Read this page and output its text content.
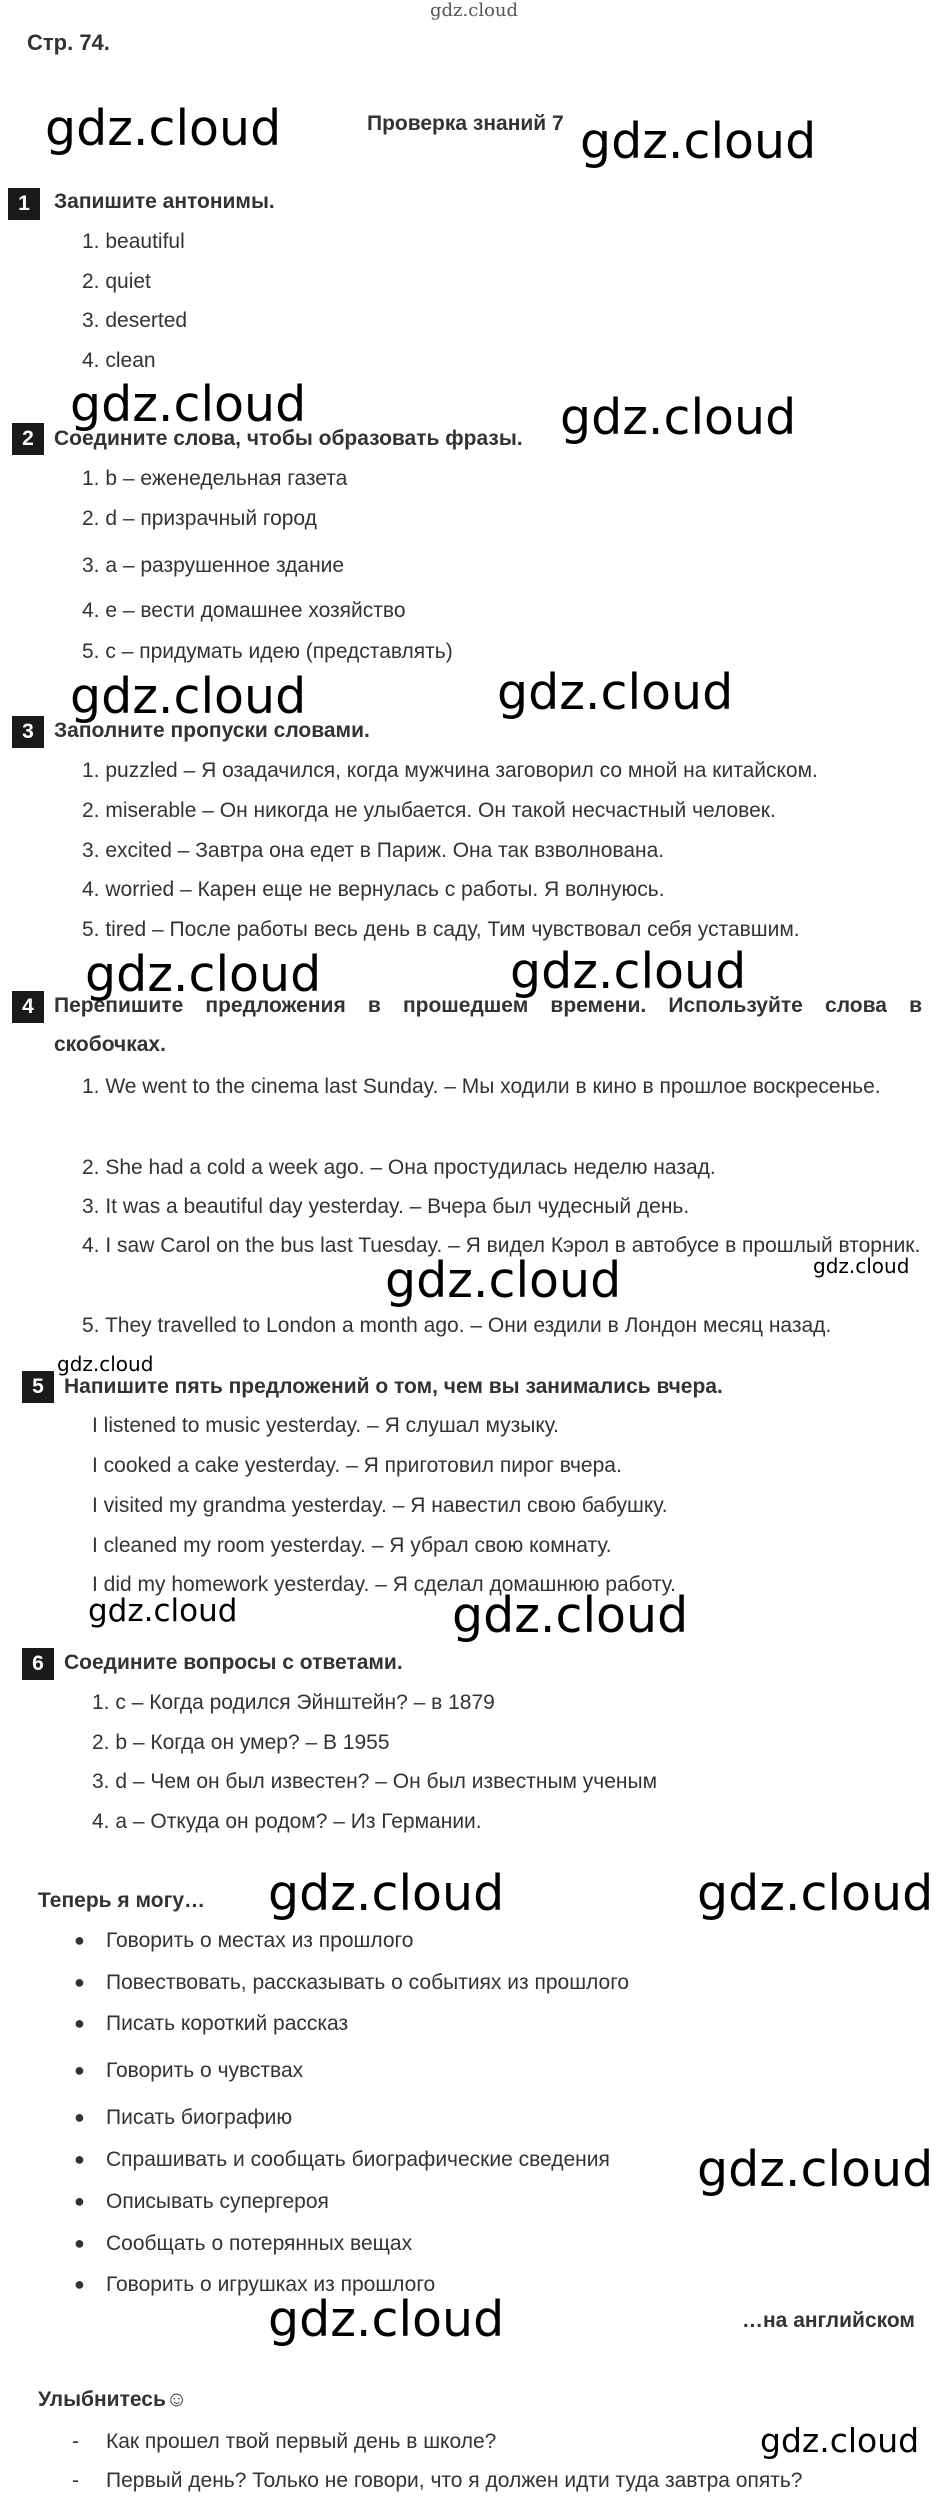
gdz.cloud
Стр. 74.
Проверка знаний 7
gdz.cloud	gdz.cloud
gdz.cloud	gdz.cloud
gdz.cloud	gdz.cloud
gdz.cloud	gdz.cloud
gdz.cloud	gdz.cloud
gdz.cloud
gdz.cloud
gdz.cloud
gdz.cloud	gdz.cloud
gdz.cloud
gdz.cloud
gdz.cloud
1	Запишите антонимы.
1. beautiful
2. quiet
3. deserted
4. clean
2 Соедините слова, чтобы образовать фразы.
1. b – еженедельная газета
2. d – призрачный город
3. a – разрушенное здание
4. e – вести домашнее хозяйство
5. c – придумать идею (представлять)
3 Заполните пропуски словами.
1. puzzled – Я озадачился, когда мужчина заговорил со мной на китайском.
2. miserable – Он никогда не улыбается. Он такой несчастный человек.
3. excited – Завтра она едет в Париж. Она так взволнована.
4. worried – Карен еще не вернулась с работы. Я волнуюсь.
5. tired – После работы весь день в саду, Тим чувствовал себя уставшим.
4 Перепишите предложения в прошедшем времени. Используйте слова в скобочках.
1. We went to the cinema last Sunday. – Мы ходили в кино в прошлое воскресенье.
2. She had a cold a week ago. – Она простудилась неделю назад.
3. It was a beautiful day yesterday. – Вчера был чудесный день.
4. I saw Carol on the bus last Tuesday. – Я видел Кэрол в автобусе в прошлый вторник.
5. They travelled to London a month ago. – Они ездили в Лондон месяц назад.
5 Напишите пять предложений о том, чем вы занимались вчера.
I listened to music yesterday. – Я слушал музыку.
I cooked a cake yesterday. – Я приготовил пирог вчера.
I visited my grandma yesterday. – Я навестил свою бабушку.
I cleaned my room yesterday. – Я убрал свою комнату.
I did my homework yesterday. – Я сделал домашнюю работу.
6 Соедините вопросы с ответами.
1. c – Когда родился Эйнштейн? – в 1879
2. b – Когда он умер? – В 1955
3. d – Чем он был известен? – Он был известным ученым
4. a – Откуда он родом? – Из Германии.
Теперь я могу…
● Говорить о местах из прошлого
● Повествовать, рассказывать о событиях из прошлого
● Писать короткий рассказ
● Говорить о чувствах
● Писать биографию
● Спрашивать и сообщать биографические сведения
● Описывать супергероя
● Сообщать о потерянных вещах
● Говорить о игрушках из прошлого
…на английском
Улыбнитесь☺
- Как прошел твой первый день в школе?
- Первый день? Только не говори, что я должен идти туда завтра опять?
